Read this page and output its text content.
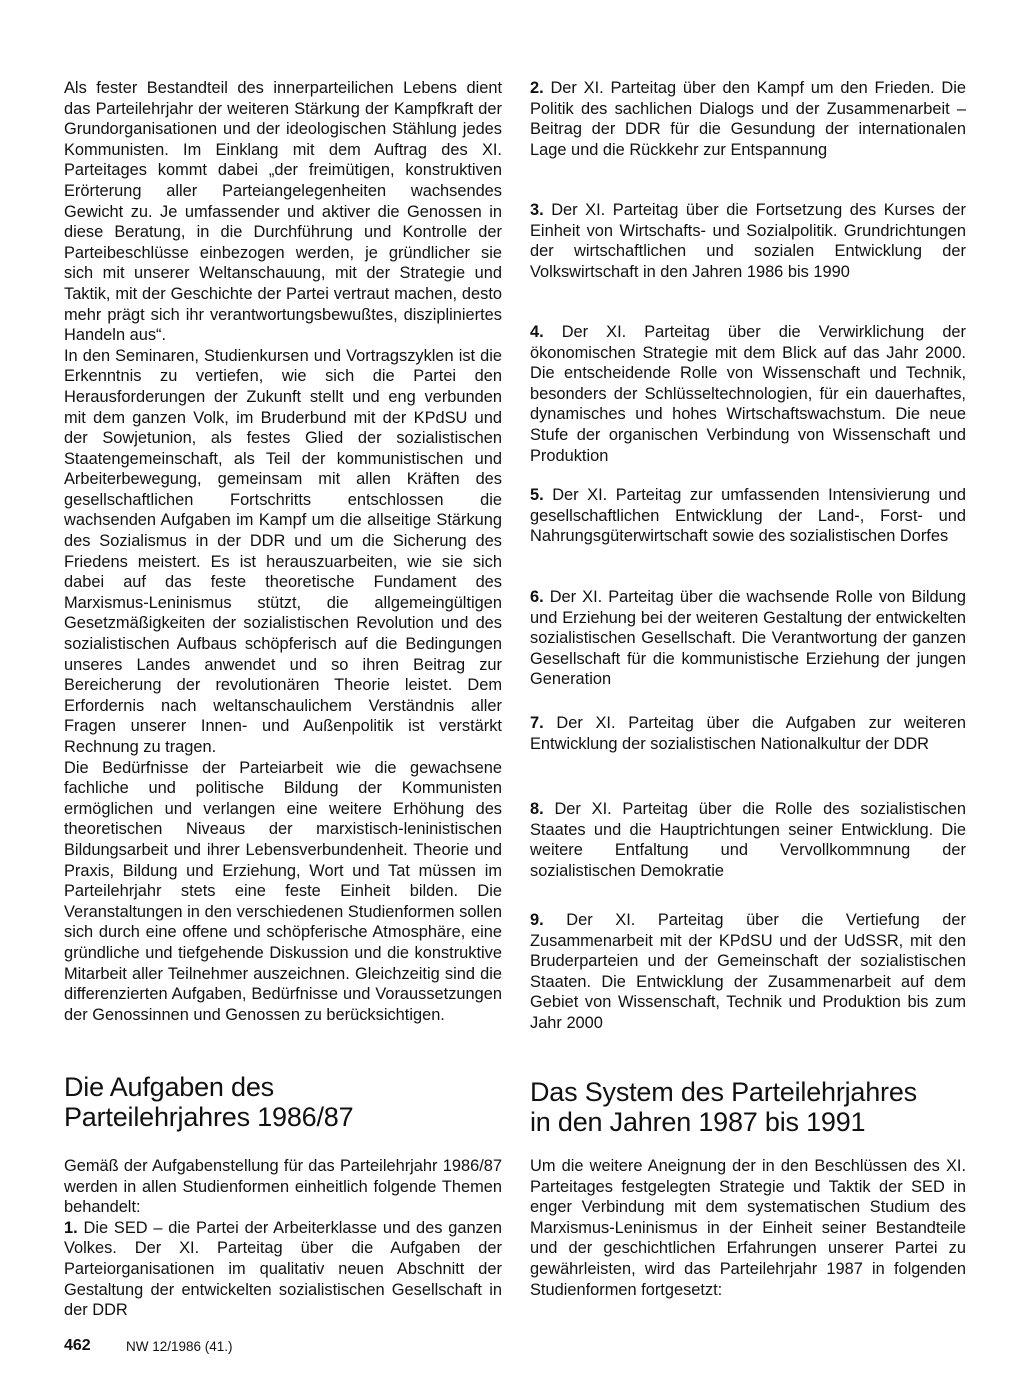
Als fester Bestandteil des innerparteilichen Lebens dient das Parteilehrjahr der weiteren Stärkung der Kampfkraft der Grundorganisationen und der ideologischen Stählung jedes Kommunisten. Im Einklang mit dem Auftrag des XI. Parteitages kommt dabei „der freimütigen, konstruktiven Erörterung aller Parteiangelegenheiten wachsendes Gewicht zu. Je umfassender und aktiver die Genossen in diese Beratung, in die Durchführung und Kontrolle der Parteibeschlüsse einbezogen werden, je gründlicher sie sich mit unserer Weltanschauung, mit der Strategie und Taktik, mit der Geschichte der Partei vertraut machen, desto mehr prägt sich ihr verantwortungsbewußtes, diszipliniertes Handeln aus“.

In den Seminaren, Studienkursen und Vortragszyklen ist die Erkenntnis zu vertiefen, wie sich die Partei den Herausforderungen der Zukunft stellt und eng verbunden mit dem ganzen Volk, im Bruderbund mit der KPdSU und der Sowjetunion, als festes Glied der sozialistischen Staatengemeinschaft, als Teil der kommunistischen und Arbeiterbewegung, gemeinsam mit allen Kräften des gesellschaftlichen Fortschritts entschlossen die wachsenden Aufgaben im Kampf um die allseitige Stärkung des Sozialismus in der DDR und um die Sicherung des Friedens meistert. Es ist herauszuarbeiten, wie sie sich dabei auf das feste theoretische Fundament des Marxismus-Leninismus stützt, die allgemeingültigen Gesetzmäßigkeiten der sozialistischen Revolution und des sozialistischen Aufbaus schöpferisch auf die Bedingungen unseres Landes anwendet und so ihren Beitrag zur Bereicherung der revolutionären Theorie leistet. Dem Erfordernis nach weltanschaulichem Verständnis aller Fragen unserer Innen- und Außenpolitik ist verstärkt Rechnung zu tragen.

Die Bedürfnisse der Parteiarbeit wie die gewachsene fachliche und politische Bildung der Kommunisten ermöglichen und verlangen eine weitere Erhöhung des theoretischen Niveaus der marxistisch-leninistischen Bildungsarbeit und ihrer Lebensverbundenheit. Theorie und Praxis, Bildung und Erziehung, Wort und Tat müssen im Parteilehrjahr stets eine feste Einheit bilden. Die Veranstaltungen in den verschiedenen Studienformen sollen sich durch eine offene und schöpferische Atmosphäre, eine gründliche und tiefgehende Diskussion und die konstruktive Mitarbeit aller Teilnehmer auszeichnen. Gleichzeitig sind die differenzierten Aufgaben, Bedürfnisse und Voraussetzungen der Genossinnen und Genossen zu berücksichtigen.

Die Aufgaben des
Parteilehrjahres 1986/87

Gemäß der Aufgabenstellung für das Parteilehrjahr 1986/87 werden in allen Studienformen einheitlich folgende Themen behandelt:

1. Die SED – die Partei der Arbeiterklasse und des ganzen Volkes. Der XI. Parteitag über die Aufgaben der Parteiorganisationen im qualitativ neuen Abschnitt der Gestaltung der entwickelten sozialistischen Gesellschaft in der DDR

2. Der XI. Parteitag über den Kampf um den Frieden. Die Politik des sachlichen Dialogs und der Zusammenarbeit – Beitrag der DDR für die Gesundung der internationalen Lage und die Rückkehr zur Entspannung

3. Der XI. Parteitag über die Fortsetzung des Kurses der Einheit von Wirtschafts- und Sozialpolitik. Grundrichtungen der wirtschaftlichen und sozialen Entwicklung der Volkswirtschaft in den Jahren 1986 bis 1990

4. Der XI. Parteitag über die Verwirklichung der ökonomischen Strategie mit dem Blick auf das Jahr 2000. Die entscheidende Rolle von Wissenschaft und Technik, besonders der Schlüsseltechnologien, für ein dauerhaftes, dynamisches und hohes Wirtschaftswachstum. Die neue Stufe der organischen Verbindung von Wissenschaft und Produktion

5. Der XI. Parteitag zur umfassenden Intensivierung und gesellschaftlichen Entwicklung der Land-, Forst- und Nahrungsgüterwirtschaft sowie des sozialistischen Dorfes

6. Der XI. Parteitag über die wachsende Rolle von Bildung und Erziehung bei der weiteren Gestaltung der entwickelten sozialistischen Gesellschaft. Die Verantwortung der ganzen Gesellschaft für die kommunistische Erziehung der jungen Generation

7. Der XI. Parteitag über die Aufgaben zur weiteren Entwicklung der sozialistischen Nationalkultur der DDR

8. Der XI. Parteitag über die Rolle des sozialistischen Staates und die Hauptrichtungen seiner Entwicklung. Die weitere Entfaltung und Vervollkommnung der sozialistischen Demokratie

9. Der XI. Parteitag über die Vertiefung der Zusammenarbeit mit der KPdSU und der UdSSR, mit den Bruderparteien und der Gemeinschaft der sozialistischen Staaten. Die Entwicklung der Zusammenarbeit auf dem Gebiet von Wissenschaft, Technik und Produktion bis zum Jahr 2000

Das System des Parteilehrjahres
in den Jahren 1987 bis 1991

Um die weitere Aneignung der in den Beschlüssen des XI. Parteitages festgelegten Strategie und Taktik der SED in enger Verbindung mit dem systematischen Studium des Marxismus-Leninismus in der Einheit seiner Bestandteile und der geschichtlichen Erfahrungen unserer Partei zu gewährleisten, wird das Parteilehrjahr 1987 in folgenden Studienformen fortgesetzt:

462	NW 12/1986 (41.)
